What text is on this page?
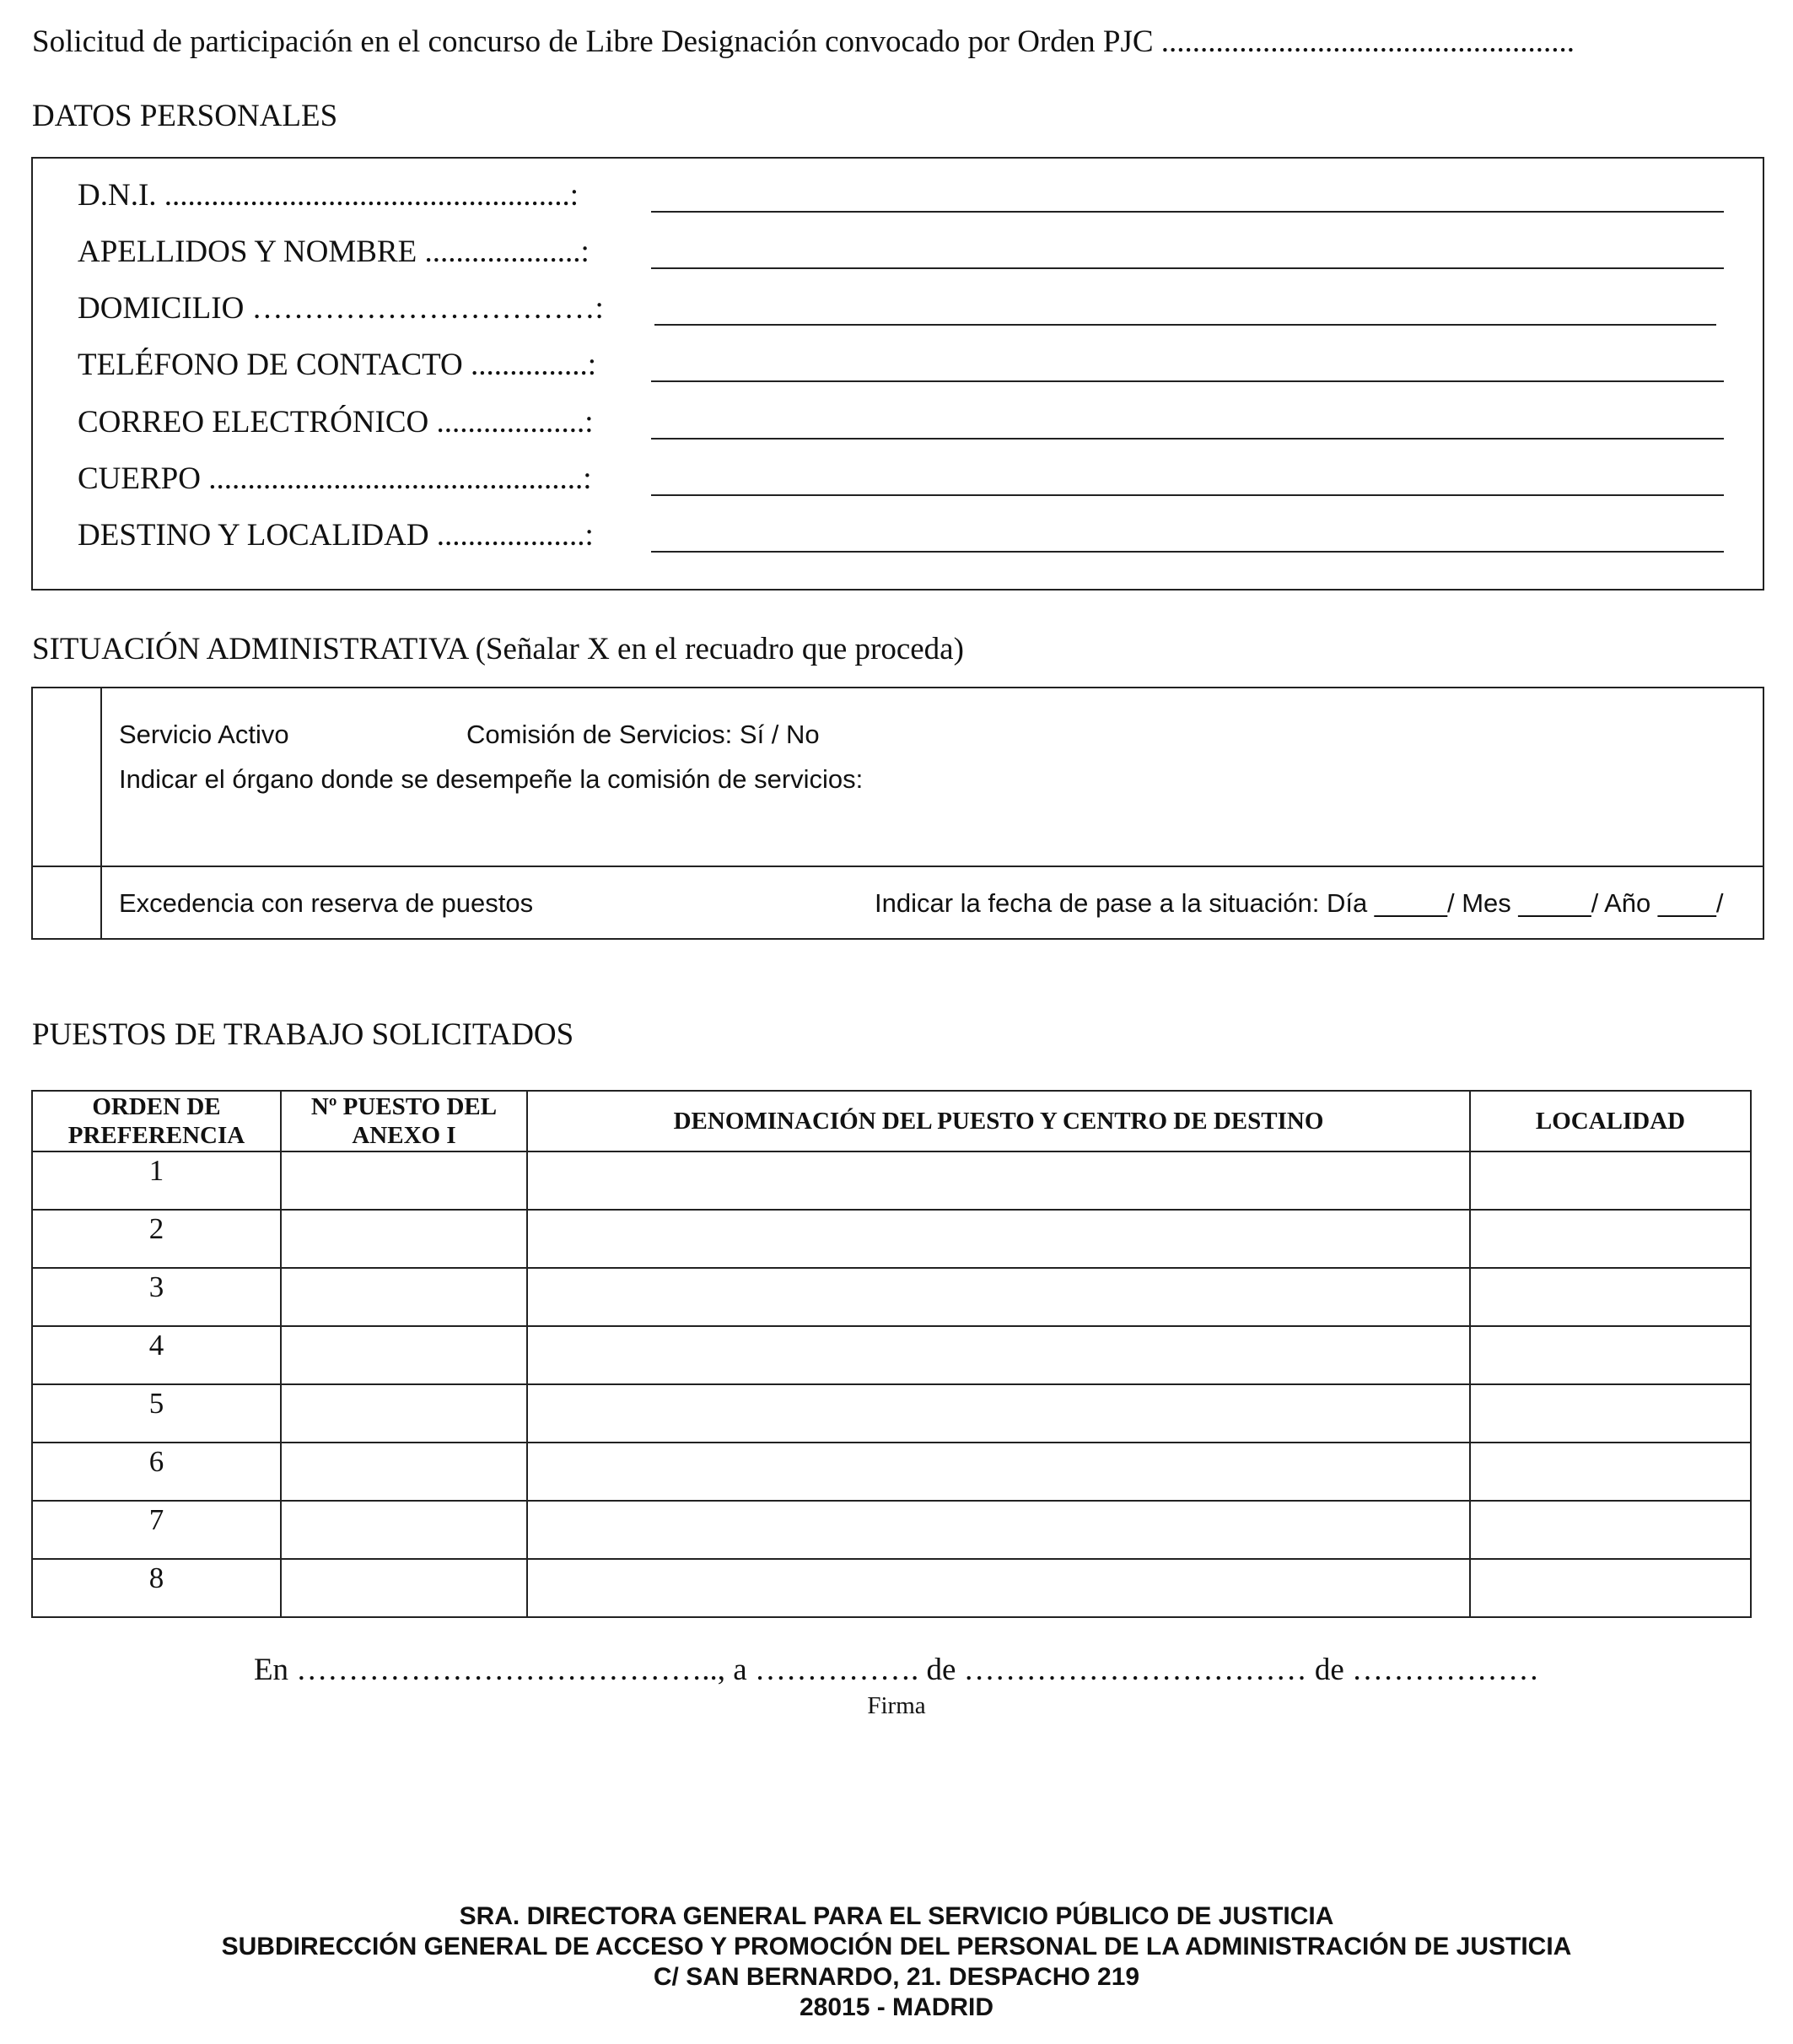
Solicitud de participación en el concurso de Libre Designación convocado por Orden PJC .....................................................
DATOS PERSONALES
D.N.I. ....................................................:
APELLIDOS Y NOMBRE ....................:
DOMICILIO ……………………………:
TELÉFONO DE CONTACTO ...............:
CORREO ELECTRÓNICO ...................:
CUERPO ................................................:
DESTINO Y LOCALIDAD ...................:
SITUACIÓN ADMINISTRATIVA (Señalar X en el recuadro que proceda)
Servicio Activo	Comisión de Servicios: Sí / No
Indicar el órgano donde se desempeñe la comisión de servicios:
Excedencia con reserva de puestos	Indicar la fecha de pase a la situación: Día _____/ Mes _____/ Año ____/
PUESTOS DE TRABAJO SOLICITADOS
ORDEN DE PREFERENCIA	Nº PUESTO DEL ANEXO I	DENOMINACIÓN DEL PUESTO Y CENTRO DE DESTINO	LOCALIDAD
1			
2			
3			
4			
5			
6			
7			
8			
En ………………………………….., a ……………. de …………………………… de ………………
Firma
SRA. DIRECTORA GENERAL PARA EL SERVICIO PÚBLICO DE JUSTICIA
SUBDIRECCIÓN GENERAL DE ACCESO Y PROMOCIÓN DEL PERSONAL DE LA ADMINISTRACIÓN DE JUSTICIA
C/ SAN BERNARDO, 21. DESPACHO 219
28015 - MADRID
